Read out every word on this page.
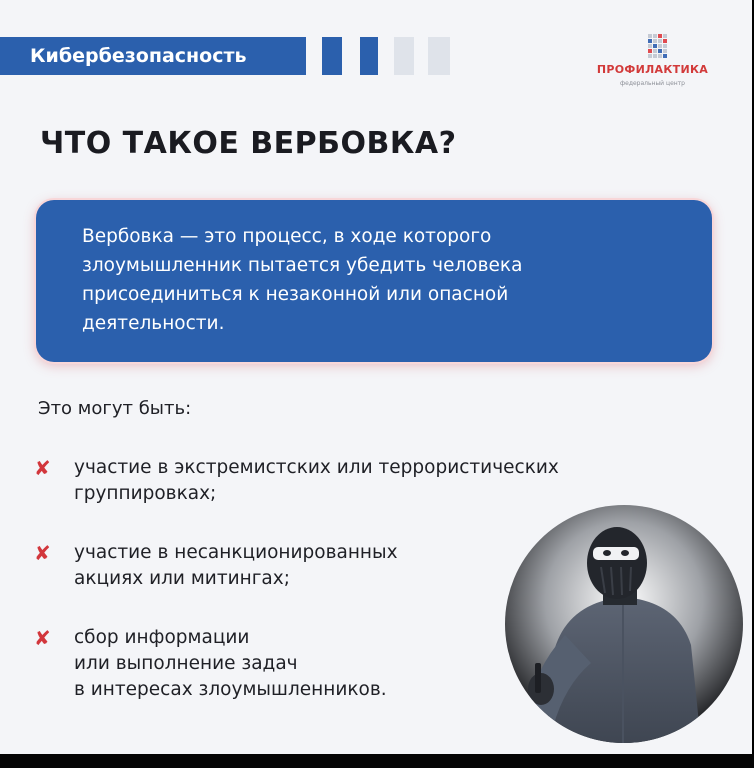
Кибербезопасность
ПРОФИЛАКТИКА
федеральный центр
ЧТО ТАКОЕ ВЕРБОВКА?

Вербовка — это процесс, в ходе которого
злоумышленник пытается убедить человека
присоединиться к незаконной или опасной
деятельности.

Это могут быть:
✘ участие в экстремистских или террористических
группировках;
✘ участие в несанкционированных
акциях или митингах;
✘ сбор информации
или выполнение задач
в интересах злоумышленников.
